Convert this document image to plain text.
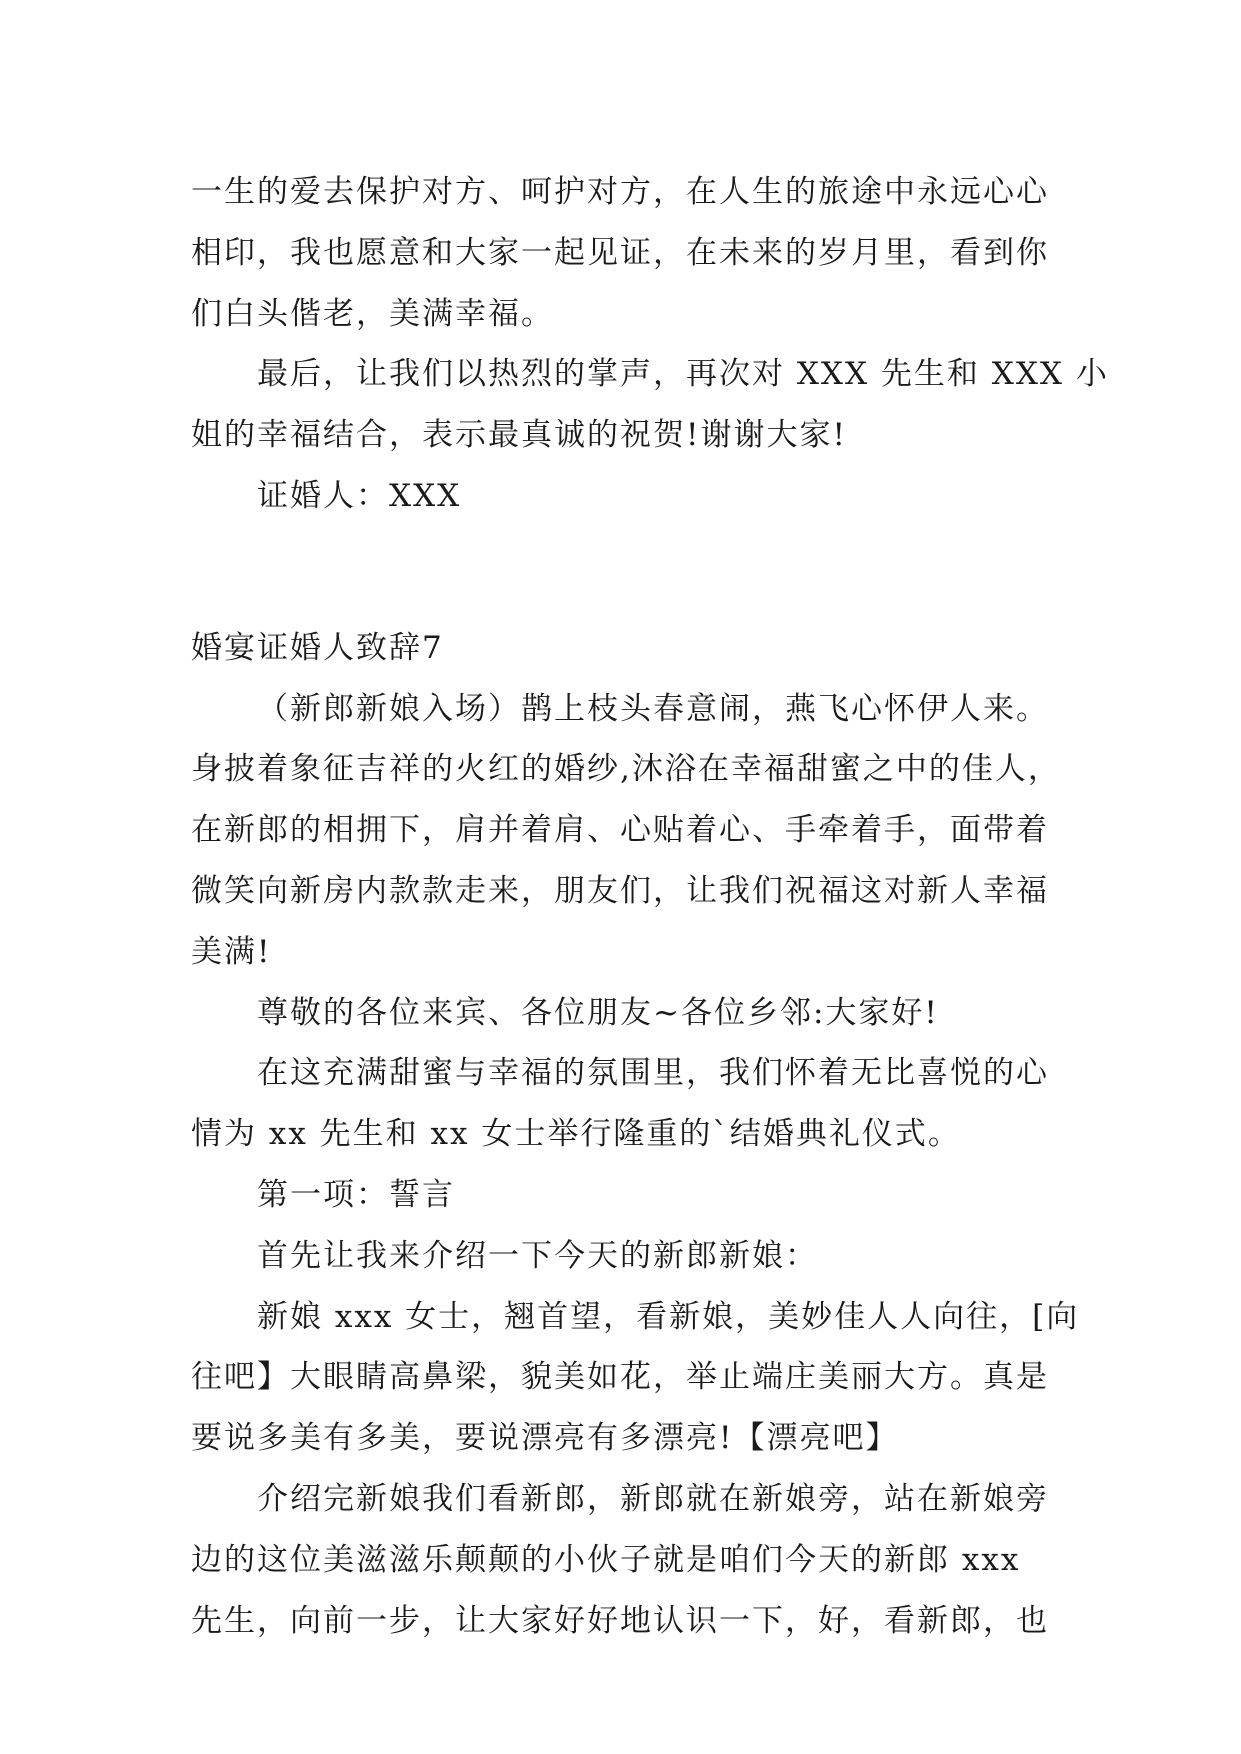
一生的爱去保护对方、呵护对方，在人生的旅途中永远心心

相印，我也愿意和大家一起见证，在未来的岁月里，看到你

们白头偕老，美满幸福。

最后，让我们以热烈的掌声，再次对 XXX 先生和 XXX 小

姐的幸福结合，表示最真诚的祝贺!谢谢大家!

证婚人：XXX

婚宴证婚人致辞7

（新郎新娘入场）鹊上枝头春意闹，燕飞心怀伊人来。

身披着象征吉祥的火红的婚纱,沐浴在幸福甜蜜之中的佳人，

在新郎的相拥下，肩并着肩、心贴着心、手牵着手，面带着

微笑向新房内款款走来，朋友们，让我们祝福这对新人幸福

美满!

尊敬的各位来宾、各位朋友~各位乡邻:大家好!

在这充满甜蜜与幸福的氛围里，我们怀着无比喜悦的心

情为 xx 先生和 xx 女士举行隆重的`结婚典礼仪式。

第一项：誓言

首先让我来介绍一下今天的新郎新娘：

新娘 xxx 女士，翘首望，看新娘，美妙佳人人向往，[向

往吧】大眼睛高鼻梁，貌美如花，举止端庄美丽大方。真是

要说多美有多美，要说漂亮有多漂亮!【漂亮吧】

介绍完新娘我们看新郎，新郎就在新娘旁，站在新娘旁

边的这位美滋滋乐颠颠的小伙子就是咱们今天的新郎 xxx

先生，向前一步，让大家好好地认识一下，好，看新郎，也
